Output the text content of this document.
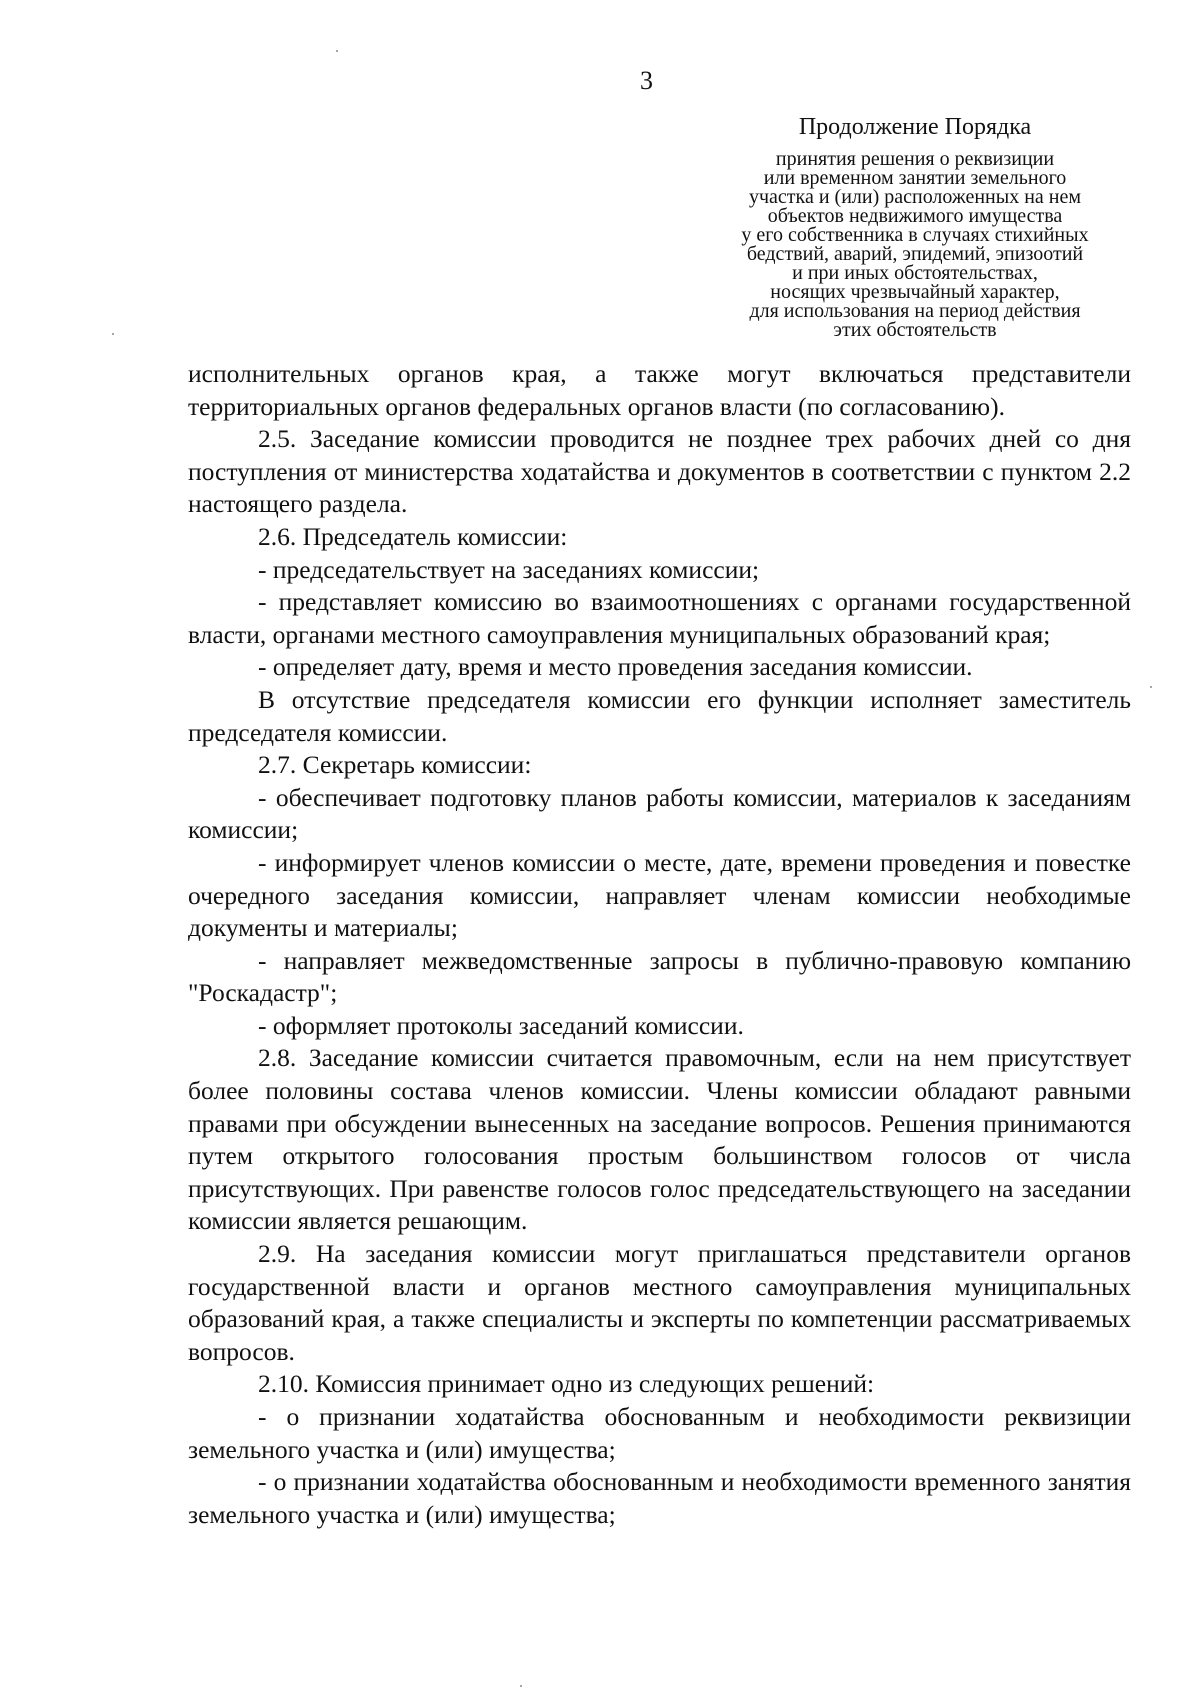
3

Продолжение Порядка

принятия решения о реквизиции

или временном занятии земельного

участка и (или) расположенных на нем

объектов недвижимого имущества

у его собственника в случаях стихийных

бедствий, аварий, эпидемий, эпизоотий

и при иных обстоятельствах,

носящих чрезвычайный характер,

для использования на период действия

этих обстоятельств

исполнительных органов края, а также могут включаться представители территориальных органов федеральных органов власти (по согласованию).

2.5. Заседание комиссии проводится не позднее трех рабочих дней со дня поступления от министерства ходатайства и документов в соответствии с пунктом 2.2 настоящего раздела.

2.6. Председатель комиссии:

- председательствует на заседаниях комиссии;

- представляет комиссию во взаимоотношениях с органами государственной власти, органами местного самоуправления муниципальных образований края;

- определяет дату, время и место проведения заседания комиссии.

В отсутствие председателя комиссии его функции исполняет заместитель председателя комиссии.

2.7. Секретарь комиссии:

- обеспечивает подготовку планов работы комиссии, материалов к заседаниям комиссии;

- информирует членов комиссии о месте, дате, времени проведения и повестке очередного заседания комиссии, направляет членам комиссии необходимые документы и материалы;

- направляет межведомственные запросы в публично-правовую компанию "Роскадастр";

- оформляет протоколы заседаний комиссии.

2.8. Заседание комиссии считается правомочным, если на нем присутствует более половины состава членов комиссии. Члены комиссии обладают равными правами при обсуждении вынесенных на заседание вопросов. Решения принимаются путем открытого голосования простым большинством голосов от числа присутствующих. При равенстве голосов голос председательствующего на заседании комиссии является решающим.

2.9. На заседания комиссии могут приглашаться представители органов государственной власти и органов местного самоуправления муниципальных образований края, а также специалисты и эксперты по компетенции рассматриваемых вопросов.

2.10. Комиссия принимает одно из следующих решений:

- о признании ходатайства обоснованным и необходимости реквизиции земельного участка и (или) имущества;

- о признании ходатайства обоснованным и необходимости временного занятия земельного участка и (или) имущества;
